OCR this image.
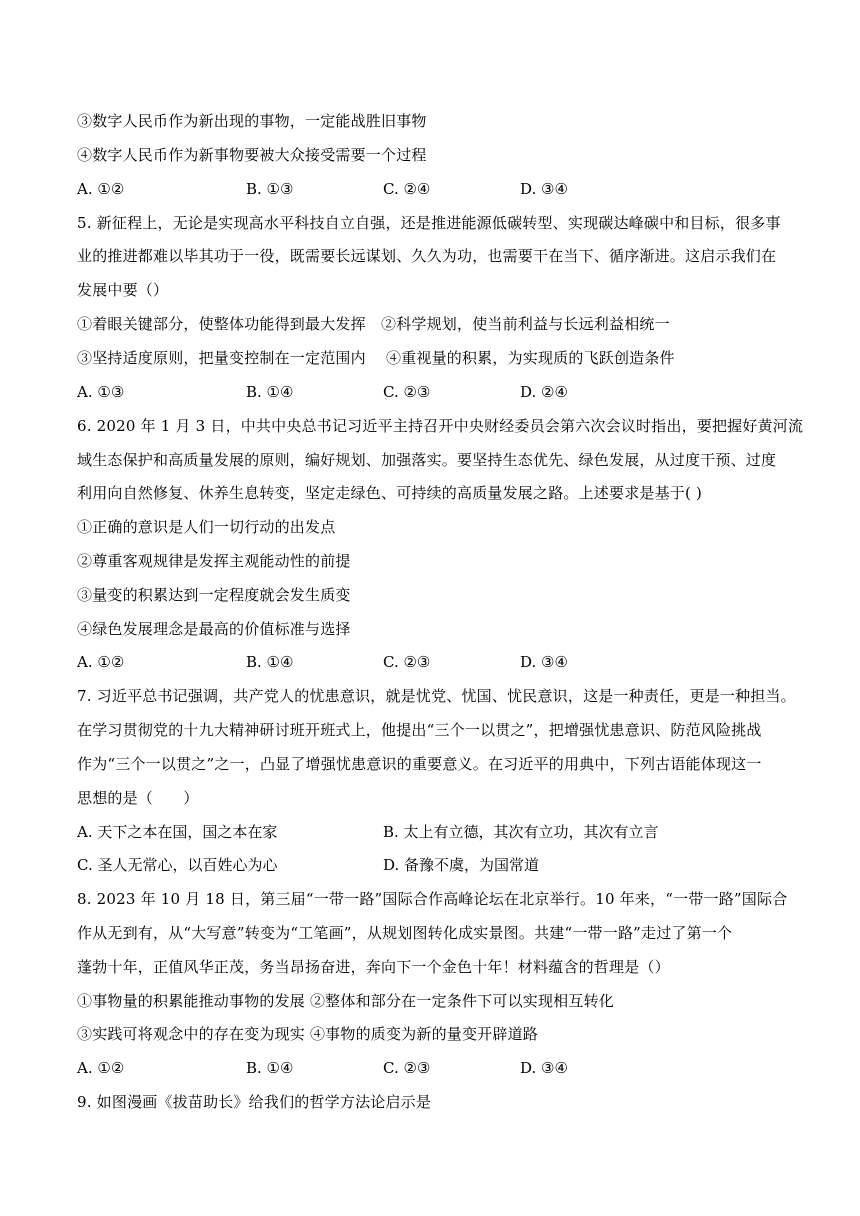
③数字人民币作为新出现的事物，一定能战胜旧事物
④数字人民币作为新事物要被大众接受需要一个过程
A. ①②	B. ①③	C. ②④	D. ③④
5. 新征程上，无论是实现高水平科技自立自强，还是推进能源低碳转型、实现碳达峰碳中和目标，很多事
业的推进都难以毕其功于一役，既需要长远谋划、久久为功，也需要干在当下、循序渐进。这启示我们在
发展中要（）
①着眼关键部分，使整体功能得到最大发挥　②科学规划，使当前利益与长远利益相统一
③坚持适度原则，把量变控制在一定范围内　 ④重视量的积累，为实现质的飞跃创造条件
A. ①③	B. ①④	C. ②③	D. ②④
6. 2020 年 1 月 3 日，中共中央总书记习近平主持召开中央财经委员会第六次会议时指出，要把握好黄河流
域生态保护和高质量发展的原则，编好规划、加强落实。要坚持生态优先、绿色发展，从过度干预、过度
利用向自然修复、休养生息转变，坚定走绿色、可持续的高质量发展之路。上述要求是基于( )
①正确的意识是人们一切行动的出发点
②尊重客观规律是发挥主观能动性的前提
③量变的积累达到一定程度就会发生质变
④绿色发展理念是最高的价值标准与选择
A. ①②	B. ①④	C. ②③	D. ③④
7. 习近平总书记强调，共产党人的忧患意识，就是忧党、忧国、忧民意识，这是一种责任，更是一种担当。
在学习贯彻党的十九大精神研讨班开班式上，他提出“三个一以贯之”，把增强忧患意识、防范风险挑战
作为“三个一以贯之”之一，凸显了增强忧患意识的重要意义。在习近平的用典中，下列古语能体现这一
思想的是（　　）
A. 天下之本在国，国之本在家	B. 太上有立德，其次有立功，其次有立言
C. 圣人无常心，以百姓心为心	D. 备豫不虞，为国常道
8. 2023 年 10 月 18 日，第三届“一带一路”国际合作高峰论坛在北京举行。10 年来，“一带一路”国际合
作从无到有，从“大写意”转变为“工笔画”，从规划图转化成实景图。共建“一带一路”走过了第一个
蓬勃十年，正值风华正茂，务当昂扬奋进，奔向下一个金色十年！材料蕴含的哲理是（）
①事物量的积累能推动事物的发展 ②整体和部分在一定条件下可以实现相互转化
③实践可将观念中的存在变为现实 ④事物的质变为新的量变开辟道路
A. ①②	B. ①④	C. ②③	D. ③④
9. 如图漫画《拔苗助长》给我们的哲学方法论启示是
